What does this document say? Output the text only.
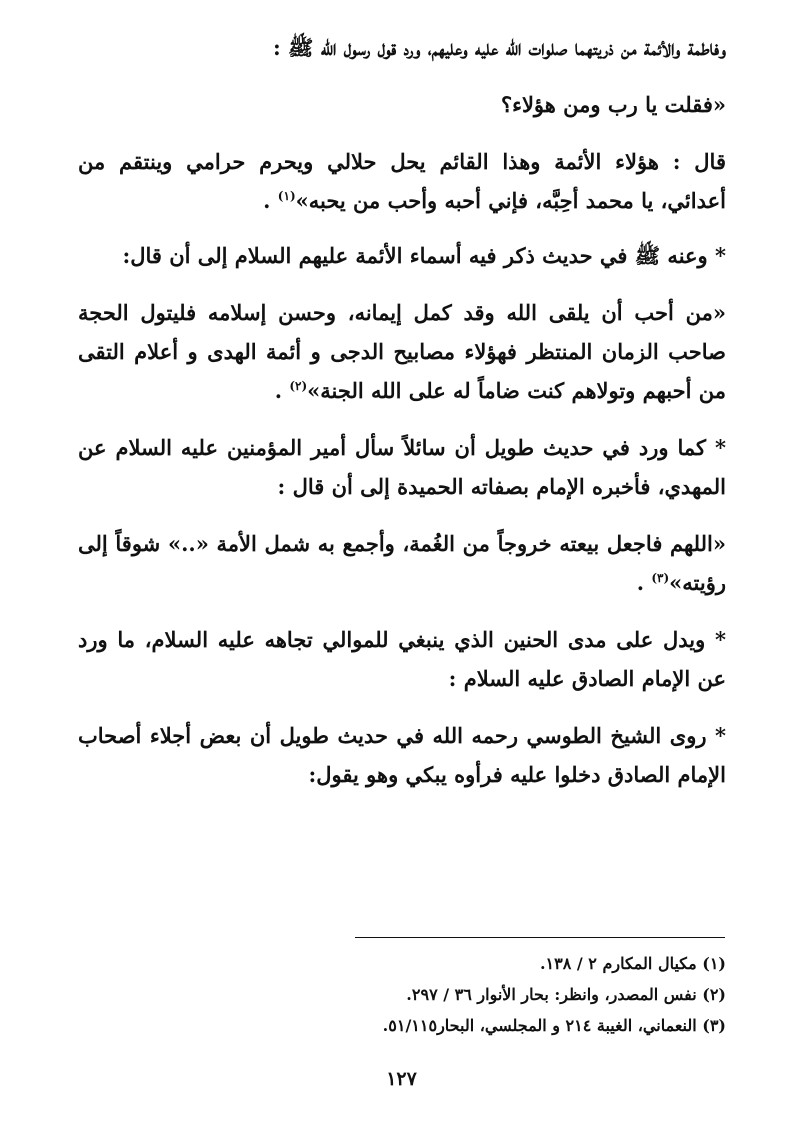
وفاطمة والأئمة من ذريتهما صلوات الله عليه وعليهم، ورد قول رسول الله ﷺ :

«فقلت يا رب ومن هؤلاء؟

قال : هؤلاء الأئمة وهذا القائم يحل حلالي ويحرم حرامي وينتقم من أعدائي، يا محمد أحِبَّه، فإني أحبه وأحب من يحبه»$^{(١)}$ .

* وعنه ﷺ في حديث ذكر فيه أسماء الأئمة عليهم السلام إلى أن قال:

«من أحب أن يلقى الله وقد كمل إيمانه، وحسن إسلامه فليتول الحجة صاحب الزمان المنتظر فهؤلاء مصابيح الدجى و أئمة الهدى و أعلام التقى من أحبهم وتولاهم كنت ضاماً له على الله الجنة»$^{(٢)}$ .

* كما ورد في حديث طويل أن سائلاً سأل أمير المؤمنين عليه السلام عن المهدي، فأخبره الإمام بصفاته الحميدة إلى أن قال :

«اللهم فاجعل بيعته خروجاً من الغُمة، وأجمع به شمل الأمة «..» شوقاً إلى رؤيته»$^{(٣)}$ .

* ويدل على مدى الحنين الذي ينبغي للموالي تجاهه عليه السلام، ما ورد عن الإمام الصادق عليه السلام :

* روى الشيخ الطوسي رحمه الله في حديث طويل أن بعض أجلاء أصحاب الإمام الصادق دخلوا عليه فرأوه يبكي وهو يقول:

(١) مكيال المكارم ٢ / ١٣٨.

(٢) نفس المصدر، وانظر: بحار الأنوار ٣٦ / ٢٩٧.

(٣) النعماني، الغيبة ٢١٤ و المجلسي، البحار٥١/١١٥.

١٢٧
